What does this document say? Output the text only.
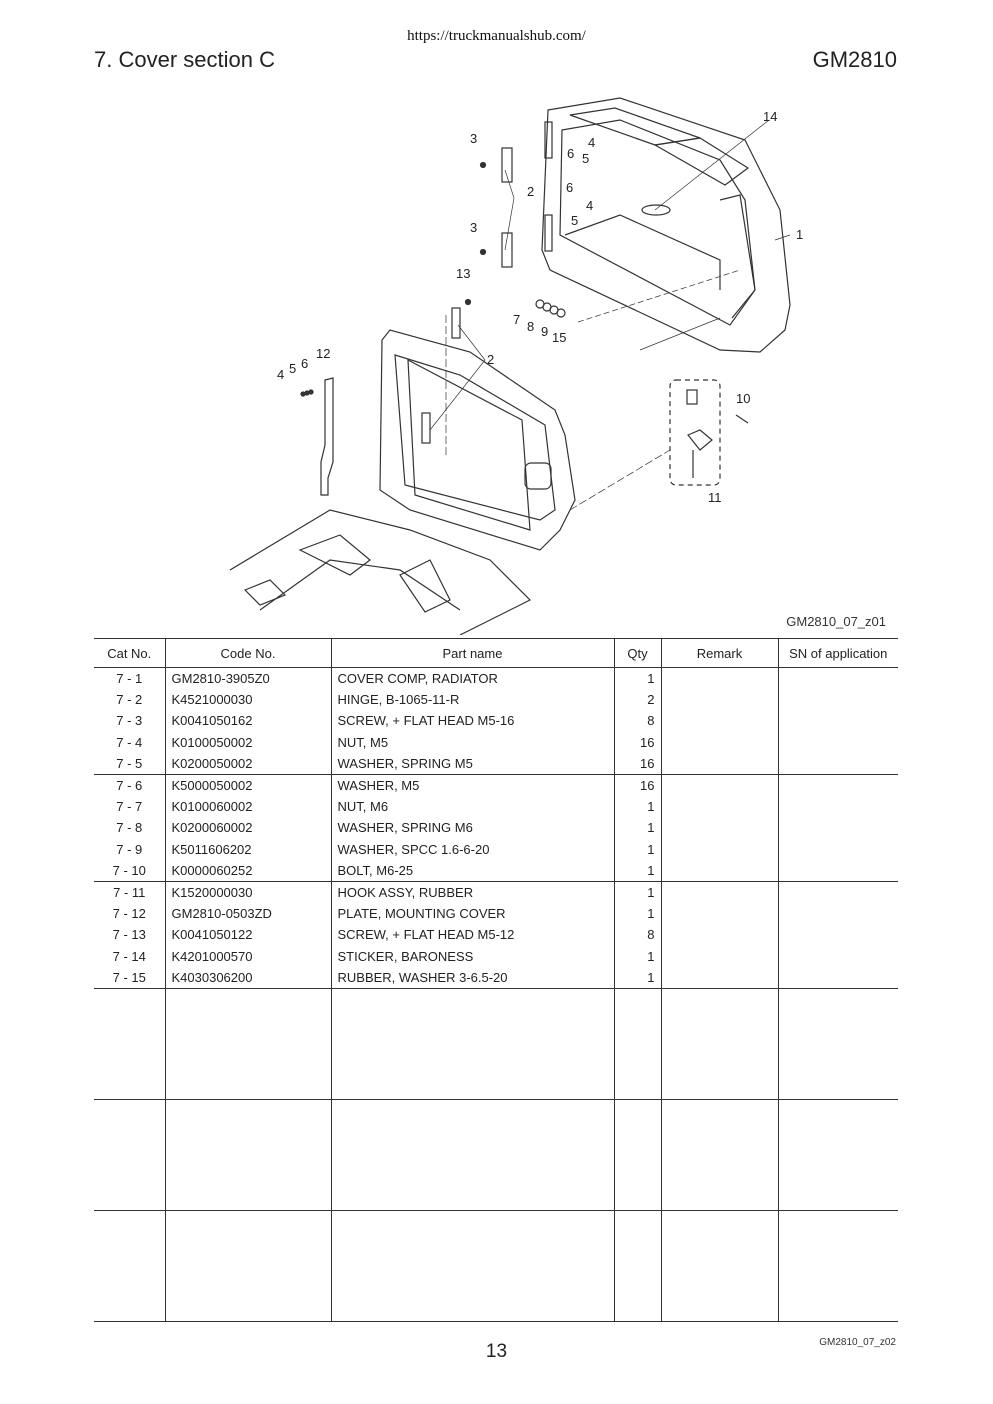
https://truckmanualshub.com/
7. Cover section C	GM2810
14
3
6
4
5
2 6
4
5
1
3
13
7 8 9 15
12
4 5 6	2
10
11
GM2810_07_z01
Cat No.	Code No.	Part name	Qty	Remark	SN of application
7 - 1	GM2810-3905Z0	COVER COMP, RADIATOR	1		
7 - 2	K4521000030	HINGE, B-1065-11-R	2		
7 - 3	K0041050162	SCREW, + FLAT HEAD M5-16	8		
7 - 4	K0100050002	NUT, M5	16		
7 - 5	K0200050002	WASHER, SPRING M5	16		
7 - 6	K5000050002	WASHER, M5	16		
7 - 7	K0100060002	NUT, M6	1		
7 - 8	K0200060002	WASHER, SPRING M6	1		
7 - 9	K5011606202	WASHER, SPCC 1.6-6-20	1		
7 - 10	K0000060252	BOLT, M6-25	1		
7 - 11	K1520000030	HOOK ASSY, RUBBER	1		
7 - 12	GM2810-0503ZD	PLATE, MOUNTING COVER	1		
7 - 13	K0041050122	SCREW, + FLAT HEAD M5-12	8		
7 - 14	K4201000570	STICKER, BARONESS	1		
7 - 15	K4030306200	RUBBER, WASHER 3-6.5-20	1		

13	GM2810_07_z02
